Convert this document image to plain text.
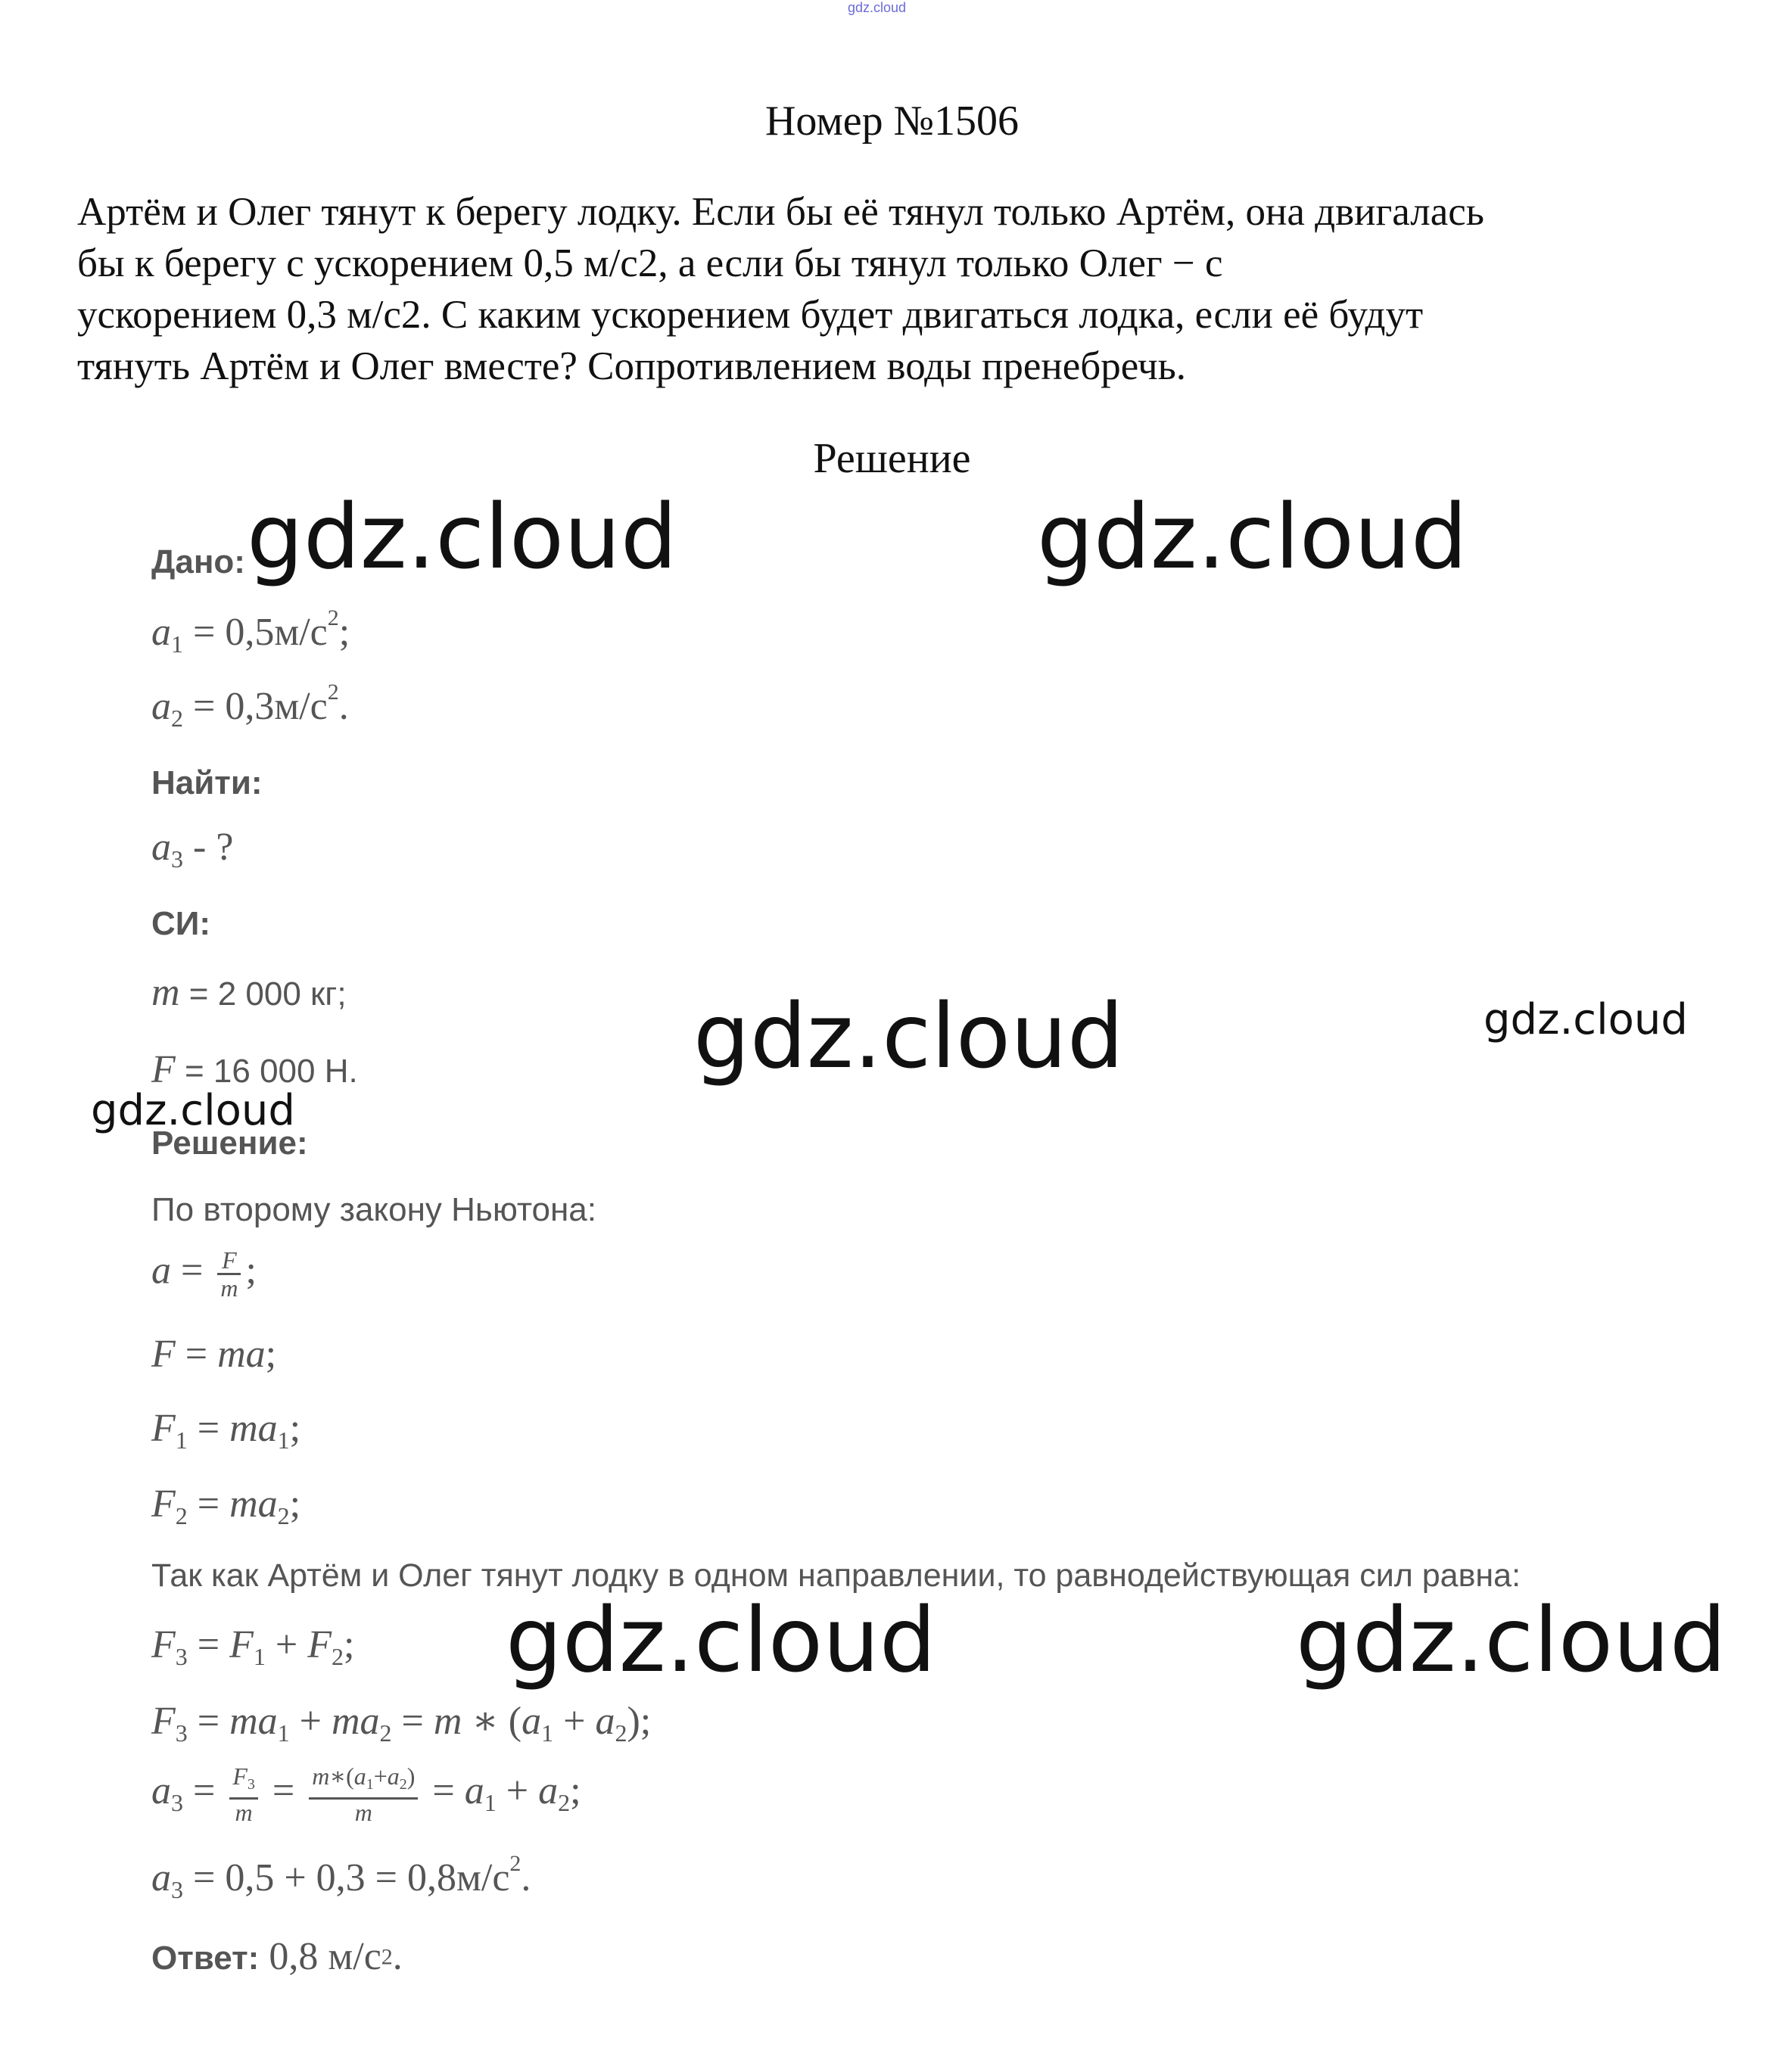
gdz.cloud
Номер №1506
Артём и Олег тянут к берегу лодку. Если бы её тянул только Артём, она двигалась
бы к берегу с ускорением 0,5 м/с2, а если бы тянул только Олег − с
ускорением 0,3 м/с2. С каким ускорением будет двигаться лодка, если её будут
тянуть Артём и Олег вместе? Сопротивлением воды пренебречь.
Решение
Дано:
$a_1 = 0,5м/с^2$;
$a_2 = 0,3м/с^2$.
Найти:
$a_3$ - ?
СИ:
m = 2 000 кг;
F = 16 000 Н.
Решение:
По второму закону Ньютона:
$a = \frac{F}{m}$ ;
F = ma;
$F_1 = ma_1$;
$F_2 = ma_2$;
Так как Артём и Олег тянут лодку в одном направлении, то равнодействующая сил равна:
$F_3 = F_1 + F_2$;
$F_3 = ma_1 + ma_2 = m$ ∗ $(a_1 + a_2)$;
$a_3 = \frac{F_3}{m} = \frac{m∗(a_1+a_2)}{m} = a_1 + a_2$;
$a_3 = 0,5 + 0,3 = 0,8м/с^2$.
Ответ: 0,8 $м/с^2$.
gdz.cloud	gdz.cloud
gdz.cloud	gdz.cloud
gdz.cloud
gdz.cloud	gdz.cloud
